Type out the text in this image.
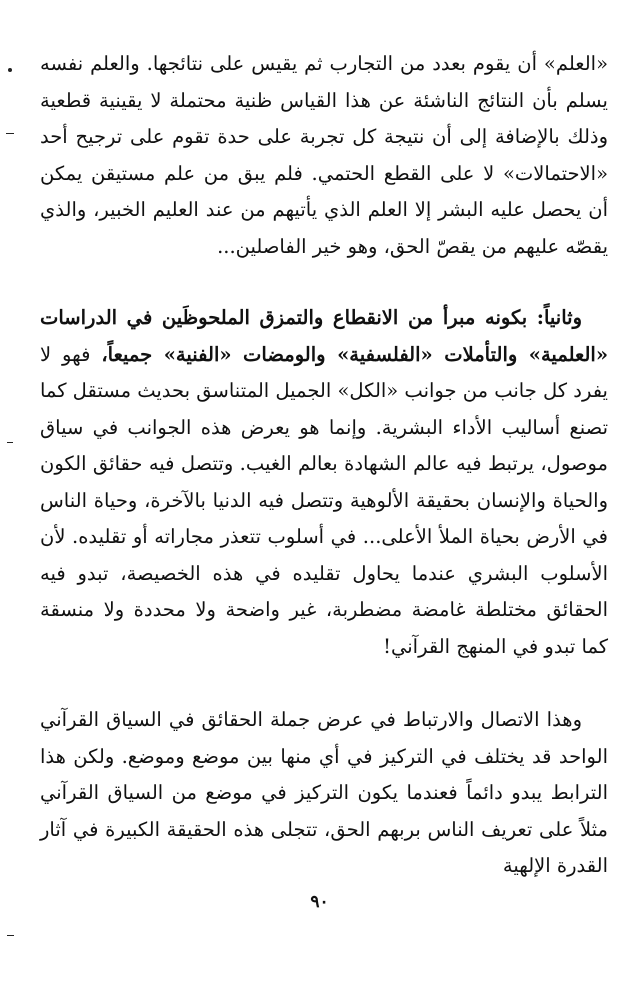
«العلم» أن يقوم بعدد من التجارب ثم يقيس على نتائجها. والعلم نفسه يسلم بأن النتائج الناشئة عن هذا القياس ظنية محتملة لا يقينية قطعية وذلك بالإضافة إلى أن نتيجة كل تجربة على حدة تقوم على ترجيح أحد «الاحتمالات» لا على القطع الحتمي. فلم يبق من علم مستيقن يمكن أن يحصل عليه البشر إلا العلم الذي يأتيهم من عند العليم الخبير، والذي يقصّه عليهم من يقصّ الحق، وهو خير الفاصلين...

وثانياً: بكونه مبرأ من الانقطاع والتمزق الملحوظَين في الدراسات «العلمية» والتأملات «الفلسفية» والومضات «الفنية» جميعاً، فهو لا يفرد كل جانب من جوانب «الكل» الجميل المتناسق بحديث مستقل كما تصنع أساليب الأداء البشرية. وإنما هو يعرض هذه الجوانب في سياق موصول، يرتبط فيه عالم الشهادة بعالم الغيب. وتتصل فيه حقائق الكون والحياة والإنسان بحقيقة الألوهية وتتصل فيه الدنيا بالآخرة، وحياة الناس في الأرض بحياة الملأ الأعلى... في أسلوب تتعذر مجاراته أو تقليده. لأن الأسلوب البشري عندما يحاول تقليده في هذه الخصيصة، تبدو فيه الحقائق مختلطة غامضة مضطربة، غير واضحة ولا محددة ولا منسقة كما تبدو في المنهج القرآني!

وهذا الاتصال والارتباط في عرض جملة الحقائق في السياق القرآني الواحد قد يختلف في التركيز في أي منها بين موضع وموضع. ولكن هذا الترابط يبدو دائماً فعندما يكون التركيز في موضع من السياق القرآني مثلاً على تعريف الناس بربهم الحق، تتجلى هذه الحقيقة الكبيرة في آثار القدرة الإلهية

٩٠
